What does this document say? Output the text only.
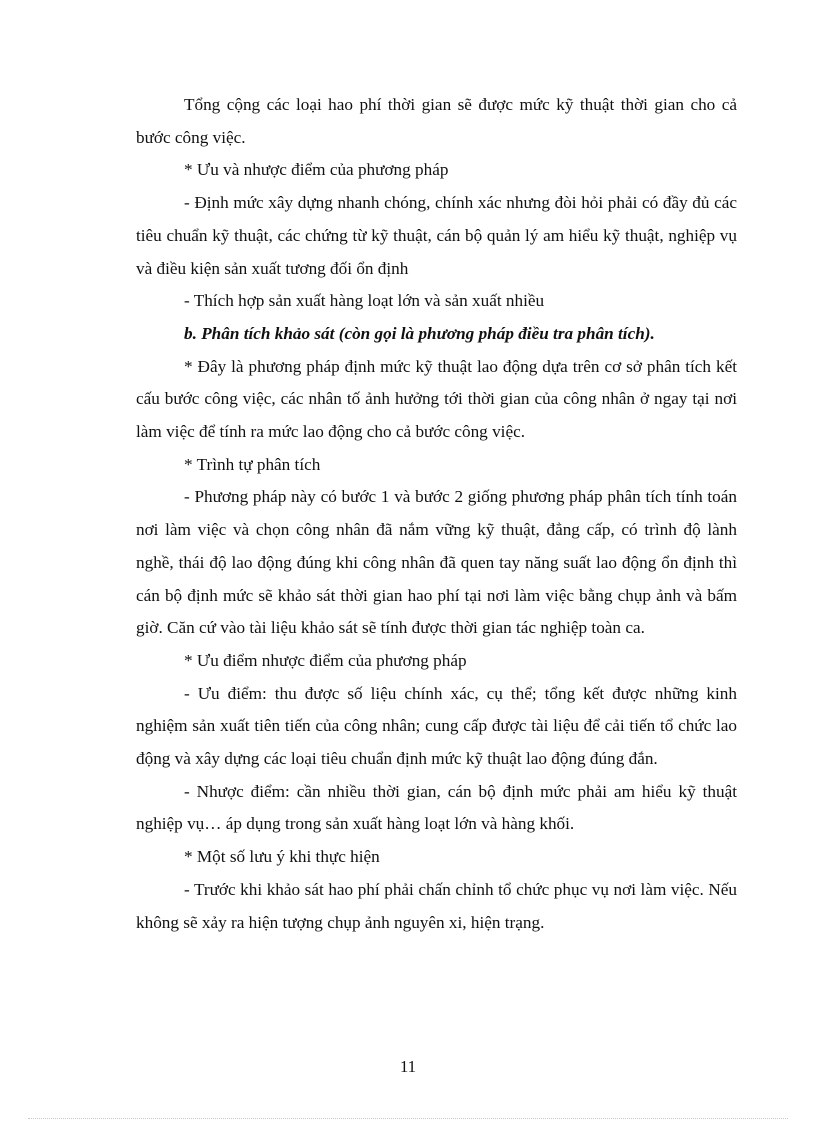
Tổng cộng các loại hao phí thời gian sẽ được mức kỹ thuật thời gian cho cả bước công việc.

* Ưu và nhược điểm của phương pháp

- Định mức xây dựng nhanh chóng, chính xác nhưng đòi hỏi phải có đầy đủ các tiêu chuẩn kỹ thuật, các chứng từ kỹ thuật, cán bộ quản lý am hiểu kỹ thuật, nghiệp vụ và điều kiện sản xuất tương đối ổn định

- Thích hợp sản xuất hàng loạt lớn và sản xuất nhiều

b. Phân tích khảo sát (còn gọi là phương pháp điều tra phân tích).

* Đây là phương pháp định mức kỹ thuật lao động dựa trên cơ sở phân tích kết cấu bước công việc, các nhân tố ảnh hưởng tới thời gian của công nhân ở ngay tại nơi làm việc để tính ra mức lao động cho cả bước công việc.

* Trình tự phân tích

- Phương pháp này có bước 1 và bước 2 giống phương pháp phân tích tính toán nơi làm việc và chọn công nhân đã nắm vững kỹ thuật, đẳng cấp, có trình độ lành nghề, thái độ lao động đúng khi công nhân đã quen tay năng suất lao động ổn định thì cán bộ định mức sẽ khảo sát thời gian hao phí tại nơi làm việc bằng chụp ảnh và bấm giờ. Căn cứ vào tài liệu khảo sát sẽ tính được thời gian tác nghiệp toàn ca.

* Ưu điểm nhược điểm của phương pháp

- Ưu điểm: thu được số liệu chính xác, cụ thể; tổng kết được những kinh nghiệm sản xuất tiên tiến của công nhân; cung cấp được tài liệu để cải tiến tổ chức lao động và xây dựng các loại tiêu chuẩn định mức kỹ thuật lao động đúng đắn.

- Nhược điểm: cần nhiều thời gian, cán bộ định mức phải am hiểu kỹ thuật nghiệp vụ… áp dụng trong sản xuất hàng loạt lớn và hàng khối.

* Một số lưu ý khi thực hiện

- Trước khi khảo sát hao phí phải chấn chỉnh tổ chức phục vụ nơi làm việc. Nếu không sẽ xảy ra hiện tượng chụp ảnh nguyên xi, hiện trạng.

11
